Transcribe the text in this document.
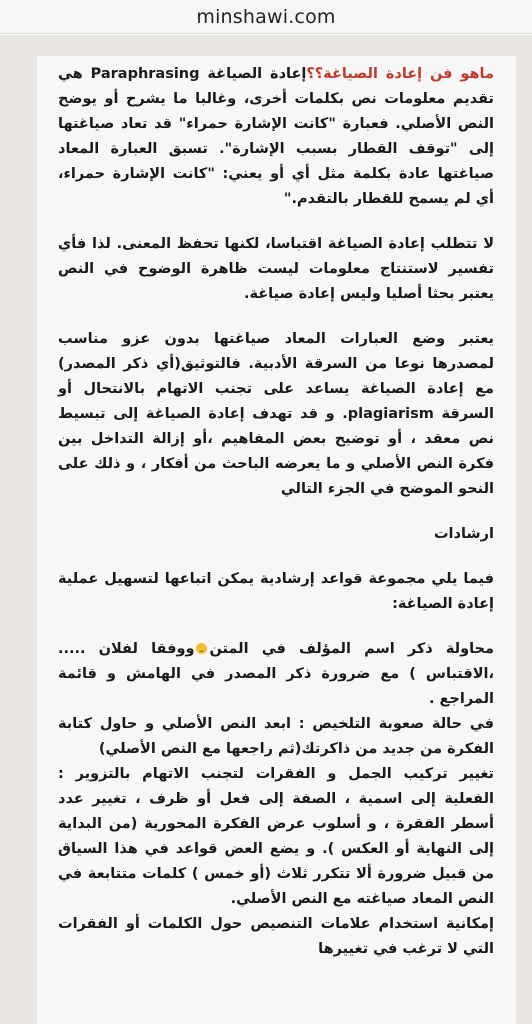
minshawi.com

ماهو فن إعادة الصياغة؟؟إعادة الصياغة Paraphrasing هي تقديم معلومات نص بكلمات أخرى، وغالبا ما يشرح أو يوضح النص الأصلي. فعبارة "كانت الإشارة حمراء" قد تعاد صياغتها إلى "توقف القطار بسبب الإشارة". تسبق العبارة المعاد صياغتها عادة بكلمة مثل أي أو يعني: "كانت الإشارة حمراء، أي لم يسمح للقطار بالتقدم."

لا تتطلب إعادة الصياغة اقتباسا، لكنها تحفظ المعنى. لذا فأي تفسير لاستنتاج معلومات ليست ظاهرة الوضوح في النص يعتبر بحثا أصليا وليس إعادة صياغة.

يعتبر وضع العبارات المعاد صياغتها بدون عزو مناسب لمصدرها نوعا من السرقة الأدبية. فالتوثيق(أي ذكر المصدر) مع إعادة الصياغة يساعد على تجنب الاتهام بالانتحال أو السرقة plagiarism. و قد تهدف إعادة الصياغة إلى تبسيط نص معقد ، أو توضيح بعض المفاهيم ،أو إزالة التداخل بين فكرة النص الأصلي و ما يعرضه الباحث من أفكار ، و ذلك على النحو الموضح في الجزء التالي

ارشادات

فيما يلي مجموعة قواعد إرشادية يمكن اتباعها لتسهيل عملية إعادة الصياغة:

محاولة ذكر اسم المؤلف في المتنووفقا لفلان ..... ،الاقتباس ) مع ضرورة ذكر المصدر في الهامش و قائمة المراجع .

في حالة صعوبة التلخيص : ابعد النص الأصلي و حاول كتابة الفكرة من جديد من ذاكرتك(ثم راجعها مع النص الأصلي)

تغيير تركيب الجمل و الفقرات لتجنب الاتهام بالتزوير : الفعلية إلى اسمية ، الصفة إلى فعل أو ظرف ، تغيير عدد أسطر الفقرة ، و أسلوب عرض الفكرة المحورية (من البداية إلى النهاية أو العكس ). و يضع العض قواعد في هذا السياق من قبيل ضرورة ألا تتكرر ثلاث (أو خمس ) كلمات متتابعة في النص المعاد صياغته مع النص الأصلي.

إمكانية استخدام علامات التنصيص حول الكلمات أو الفقرات التي لا ترغب في تغييرها
